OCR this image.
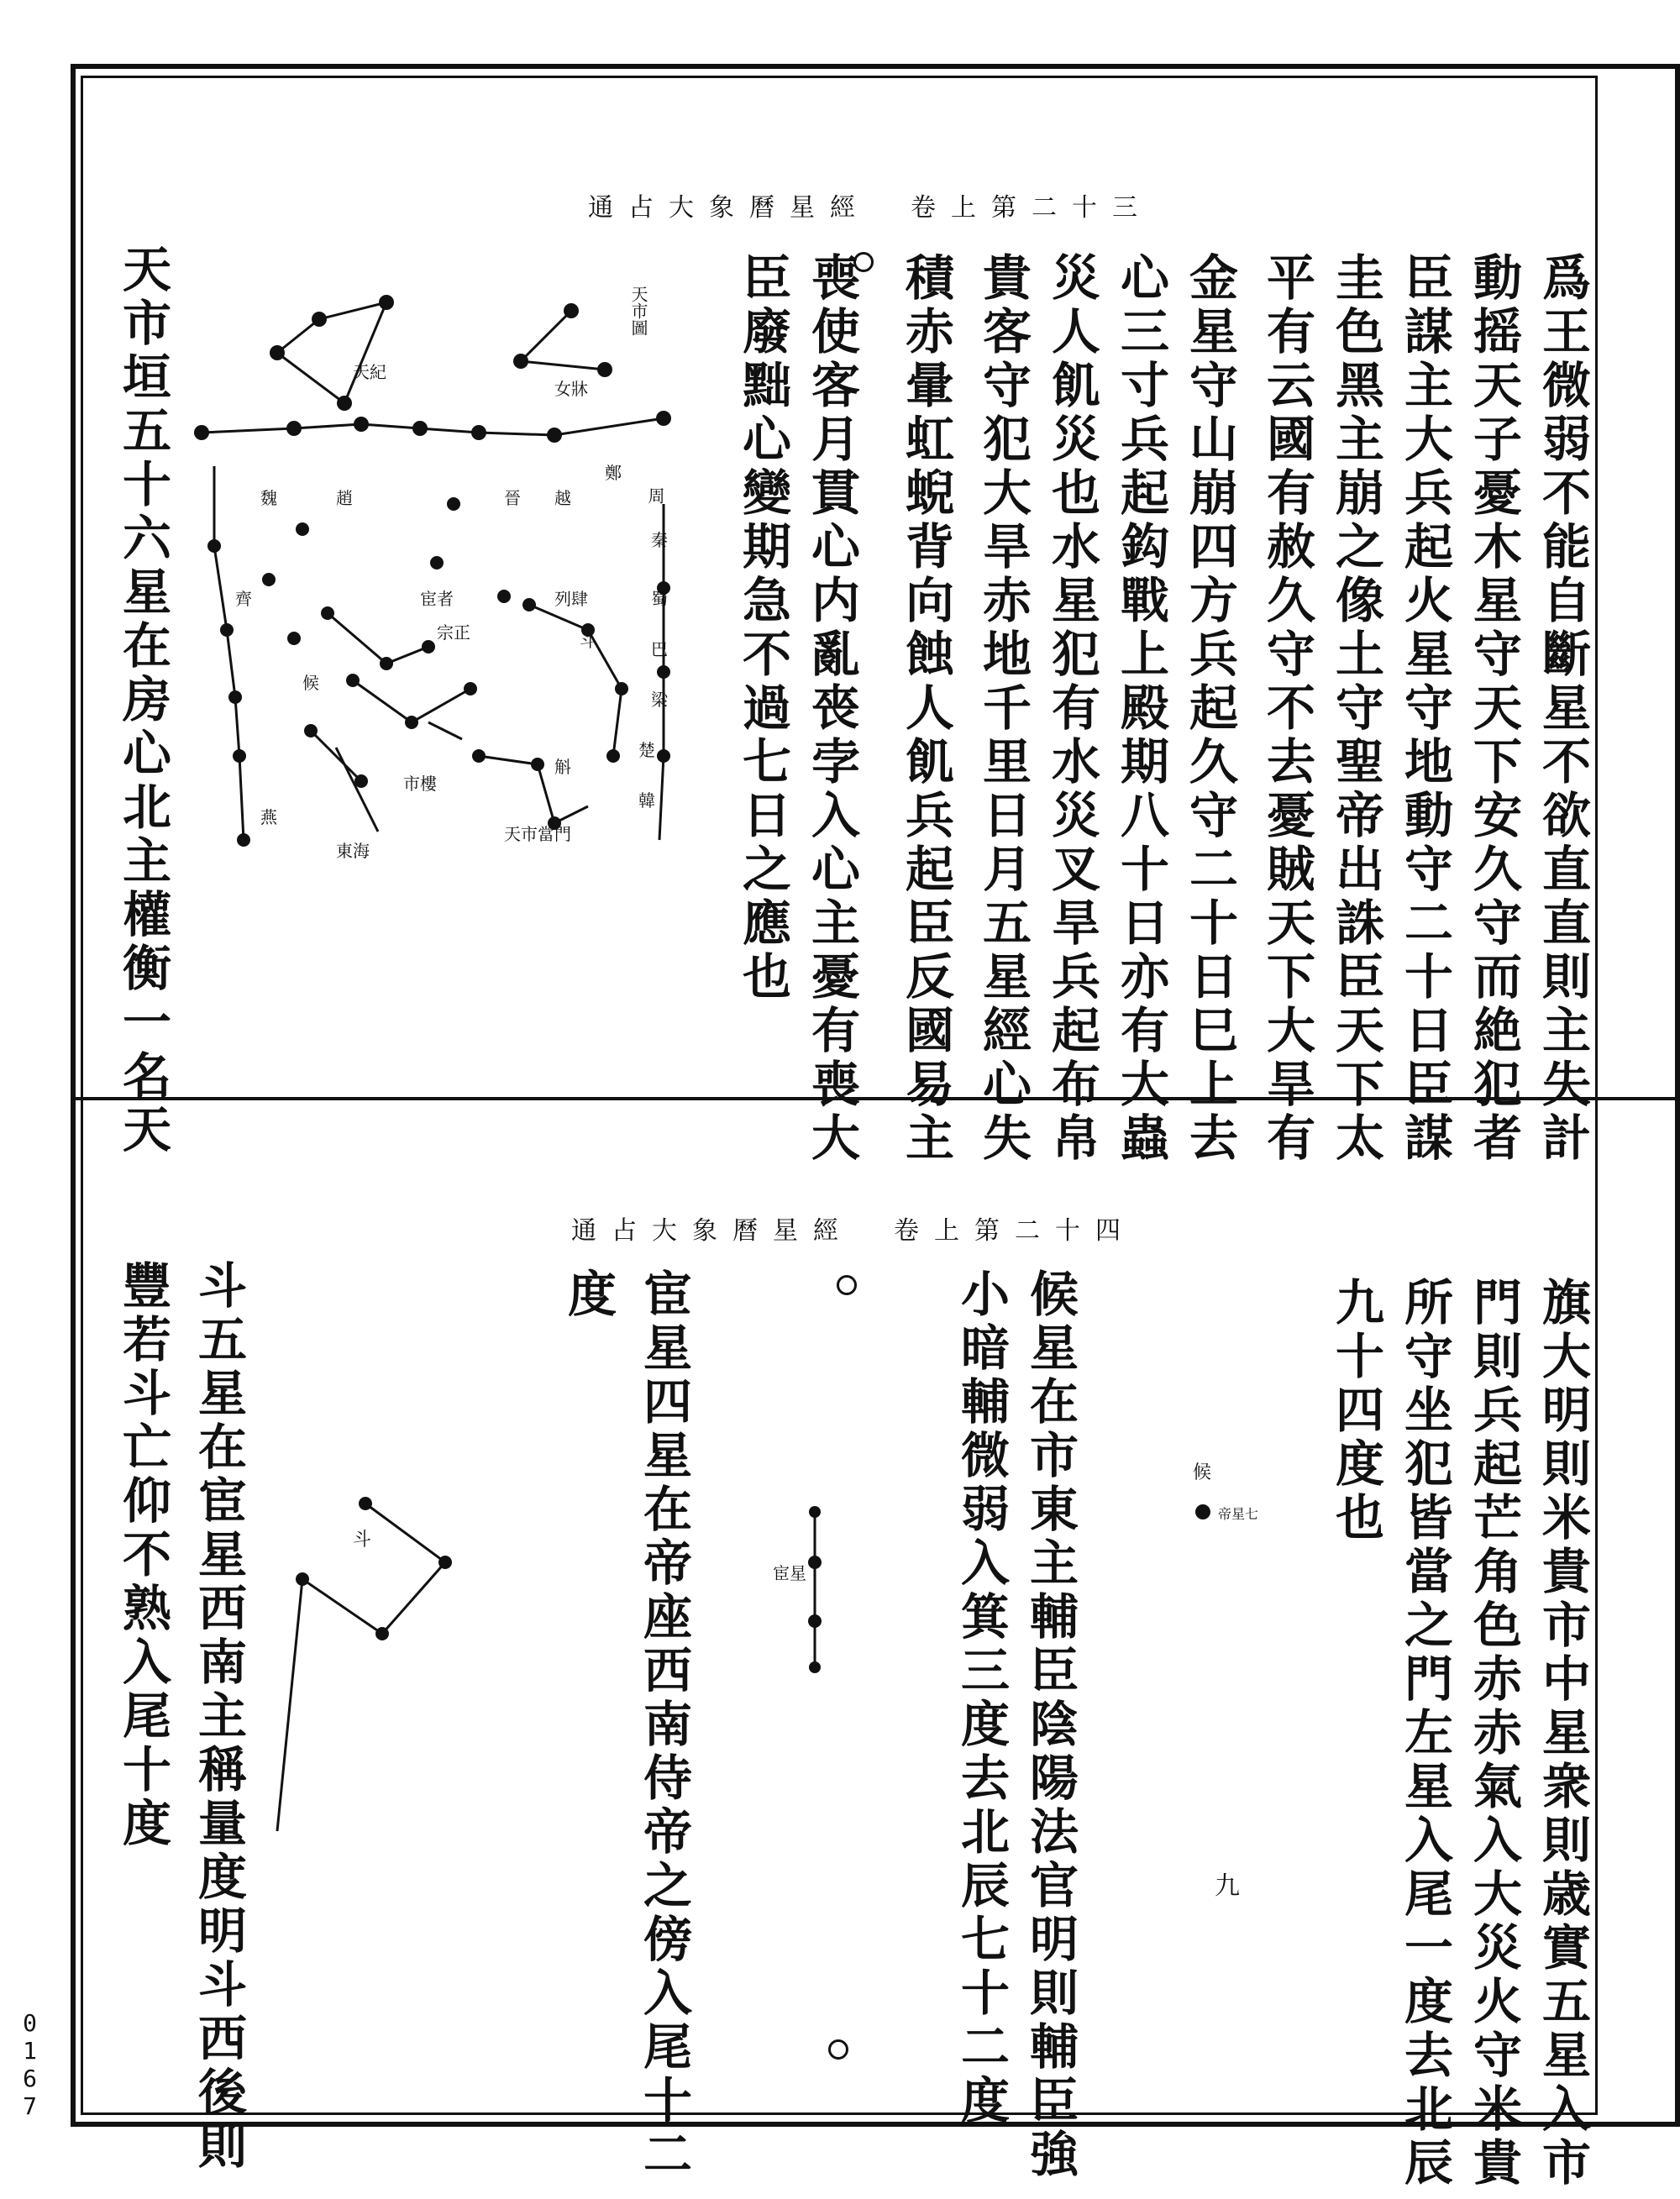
通占大象曆星經　卷上第二十三
爲王微弱不能自斷星不欲直直則主失計
動摇天子憂木星守天下安久守而絶犯者
臣謀主大兵起火星守地動守二十日臣謀
圭色黑主崩之像土守聖帝出誅臣天下太
平有云國有赦久守不去憂賊天下大旱有
金星守山崩四方兵起久守二十日巳上去
心三寸兵起鈎戰上殿期八十日亦有大蟲
災人飢災也水星犯有水災叉旱兵起布帛
貴客守犯大旱赤地千里日月五星經心失
積赤暈虹蜺背向蝕人飢兵起臣反國易主
喪使客月貫心内亂䘮孛入心主憂有喪大
臣廢黜心變期急不過七日之應也
天市垣五十六星在房心北主權衡一名天	天市圖
女牀
天紀
周
秦
蜀
巴
梁
楚
韓
鄭
越
晉
齊
趙
魏
宦者	列肆
斗
斛
宗正
候
市樓
天市當門
燕
東海
通占大象曆星經　卷上第二十四
旗大明則米貴市中星衆則歳實五星入市
門則兵起芒角色赤赤氣入大災火守米貴
所守坐犯皆當之門左星入尾一度去北辰
九十四度也
候星在市東主輔臣陰陽法官明則輔臣強
小暗輔微弱入箕三度去北辰七十二度
宦星四星在帝座西南侍帝之傍入尾十二
度
斗五星在宦星西南主稱量度明斗西後則
豐若斗亡仰不熟入尾十度
九
候
帝星七
宦星
斗
0167
